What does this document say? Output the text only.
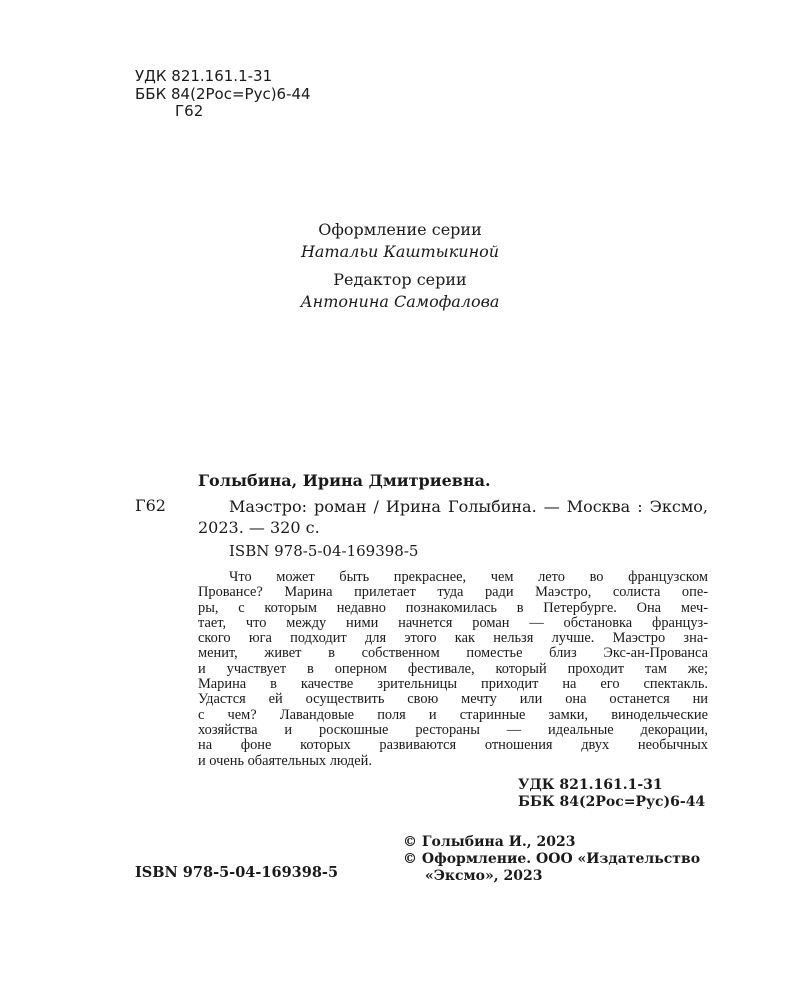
УДК 821.161.1-31
ББК 84(2Рос=Рус)6-44
Г62
Оформление серии
Натальи Каштыкиной
Редактор серии
Антонина Самофалова
Голыбина, Ирина Дмитриевна.
Г62	Маэстро: роман / Ирина Голыбина. — Москва : Эксмо, 2023. — 320 с.
ISBN 978-5-04-169398-5
Что может быть прекраснее, чем лето во французском
Провансе? Марина прилетает туда ради Маэстро, солиста опе-
ры, с которым недавно познакомилась в Петербурге. Она меч-
тает, что между ними начнется роман — обстановка француз-
ского юга подходит для этого как нельзя лучше. Маэстро зна-
менит, живет в собственном поместье близ Экс-ан-Прованса
и участвует в оперном фестивале, который проходит там же;
Марина в качестве зрительницы приходит на его спектакль.
Удастся ей осуществить свою мечту или она останется ни
с чем? Лавандовые поля и старинные замки, винодельческие
хозяйства и роскошные рестораны — идеальные декорации,
на фоне которых развиваются отношения двух необычных
и очень обаятельных людей.
УДК 821.161.1-31
ББК 84(2Рос=Рус)6-44
ISBN 978-5-04-169398-5
© Голыбина И., 2023
© Оформление. ООО «Издательство
«Эксмо», 2023
